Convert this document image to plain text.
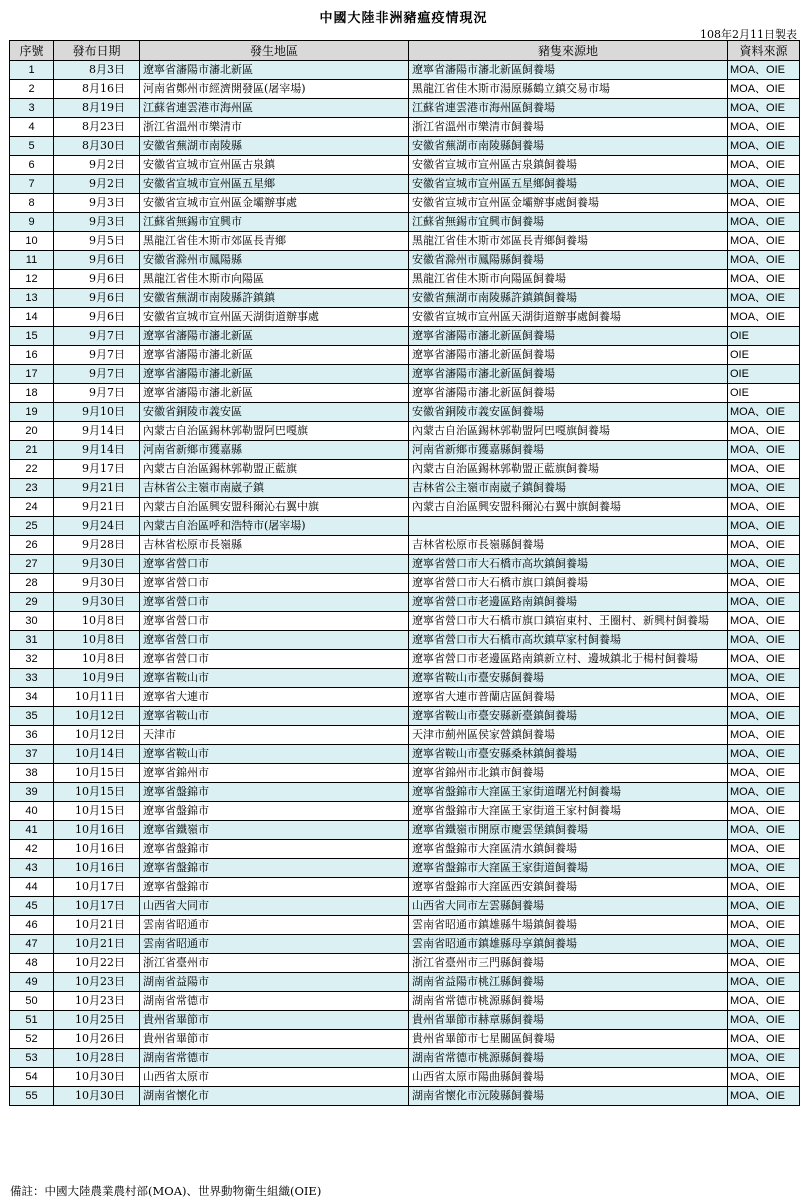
中國大陸非洲豬瘟疫情現況
108年2月11日製表
序號	發布日期	發生地區	豬隻來源地	資料來源
1	8月3日	遼寧省瀋陽市瀋北新區	遼寧省瀋陽市瀋北新區飼養場	MOA、OIE
2	8月16日	河南省鄭州市經濟開發區(屠宰場)	黑龍江省佳木斯市湯原縣鶴立鎮交易市場	MOA、OIE
3	8月19日	江蘇省連雲港市海州區	江蘇省連雲港市海州區飼養場	MOA、OIE
4	8月23日	浙江省溫州市樂清市	浙江省溫州市樂清市飼養場	MOA、OIE
5	8月30日	安徽省蕪湖市南陵縣	安徽省蕪湖市南陵縣飼養場	MOA、OIE
6	9月2日	安徽省宣城市宣州區古泉鎮	安徽省宣城市宣州區古泉鎮飼養場	MOA、OIE
7	9月2日	安徽省宣城市宣州區五星鄉	安徽省宣城市宣州區五星鄉飼養場	MOA、OIE
8	9月3日	安徽省宣城市宣州區金壩辦事處	安徽省宣城市宣州區金壩辦事處飼養場	MOA、OIE
9	9月3日	江蘇省無錫市宜興市	江蘇省無錫市宜興市飼養場	MOA、OIE
10	9月5日	黑龍江省佳木斯市郊區長青鄉	黑龍江省佳木斯市郊區長青鄉飼養場	MOA、OIE
11	9月6日	安徽省滁州市鳳陽縣	安徽省滁州市鳳陽縣飼養場	MOA、OIE
12	9月6日	黑龍江省佳木斯市向陽區	黑龍江省佳木斯市向陽區飼養場	MOA、OIE
13	9月6日	安徽省蕪湖市南陵縣許鎮鎮	安徽省蕪湖市南陵縣許鎮鎮飼養場	MOA、OIE
14	9月6日	安徽省宣城市宣州區天湖街道辦事處	安徽省宣城市宣州區天湖街道辦事處飼養場	MOA、OIE
15	9月7日	遼寧省瀋陽市瀋北新區	遼寧省瀋陽市瀋北新區飼養場	OIE
16	9月7日	遼寧省瀋陽市瀋北新區	遼寧省瀋陽市瀋北新區飼養場	OIE
17	9月7日	遼寧省瀋陽市瀋北新區	遼寧省瀋陽市瀋北新區飼養場	OIE
18	9月7日	遼寧省瀋陽市瀋北新區	遼寧省瀋陽市瀋北新區飼養場	OIE
19	9月10日	安徽省銅陵市義安區	安徽省銅陵市義安區飼養場	MOA、OIE
20	9月14日	內蒙古自治區錫林郭勒盟阿巴嘎旗	內蒙古自治區錫林郭勒盟阿巴嘎旗飼養場	MOA、OIE
21	9月14日	河南省新鄉市獲嘉縣	河南省新鄉市獲嘉縣飼養場	MOA、OIE
22	9月17日	內蒙古自治區錫林郭勒盟正藍旗	內蒙古自治區錫林郭勒盟正藍旗飼養場	MOA、OIE
23	9月21日	吉林省公主嶺市南崴子鎮	吉林省公主嶺市南崴子鎮飼養場	MOA、OIE
24	9月21日	內蒙古自治區興安盟科爾沁右翼中旗	內蒙古自治區興安盟科爾沁右翼中旗飼養場	MOA、OIE
25	9月24日	內蒙古自治區呼和浩特市(屠宰場)		MOA、OIE
26	9月28日	吉林省松原市長嶺縣	吉林省松原市長嶺縣飼養場	MOA、OIE
27	9月30日	遼寧省營口市	遼寧省營口市大石橋市高坎鎮飼養場	MOA、OIE
28	9月30日	遼寧省營口市	遼寧省營口市大石橋市旗口鎮飼養場	MOA、OIE
29	9月30日	遼寧省營口市	遼寧省營口市老邊區路南鎮飼養場	MOA、OIE
30	10月8日	遼寧省營口市	遼寧省營口市大石橋市旗口鎮宿東村、王圈村、新興村飼養場	MOA、OIE
31	10月8日	遼寧省營口市	遼寧省營口市大石橋市高坎鎮草家村飼養場	MOA、OIE
32	10月8日	遼寧省營口市	遼寧省營口市老邊區路南鎮新立村、邊城鎮北于楊村飼養場	MOA、OIE
33	10月9日	遼寧省鞍山市	遼寧省鞍山市臺安縣飼養場	MOA、OIE
34	10月11日	遼寧省大連市	遼寧省大連市普蘭店區飼養場	MOA、OIE
35	10月12日	遼寧省鞍山市	遼寧省鞍山市臺安縣新臺鎮飼養場	MOA、OIE
36	10月12日	天津市	天津市薊州區侯家營鎮飼養場	MOA、OIE
37	10月14日	遼寧省鞍山市	遼寧省鞍山市臺安縣桑林鎮飼養場	MOA、OIE
38	10月15日	遼寧省錦州市	遼寧省錦州市北鎮市飼養場	MOA、OIE
39	10月15日	遼寧省盤錦市	遼寧省盤錦市大窪區王家街道曙光村飼養場	MOA、OIE
40	10月15日	遼寧省盤錦市	遼寧省盤錦市大窪區王家街道王家村飼養場	MOA、OIE
41	10月16日	遼寧省鐵嶺市	遼寧省鐵嶺市開原市慶雲堡鎮飼養場	MOA、OIE
42	10月16日	遼寧省盤錦市	遼寧省盤錦市大窪區清水鎮飼養場	MOA、OIE
43	10月16日	遼寧省盤錦市	遼寧省盤錦市大窪區王家街道飼養場	MOA、OIE
44	10月17日	遼寧省盤錦市	遼寧省盤錦市大窪區西安鎮飼養場	MOA、OIE
45	10月17日	山西省大同市	山西省大同市左雲縣飼養場	MOA、OIE
46	10月21日	雲南省昭通市	雲南省昭通市鎮雄縣牛場鎮飼養場	MOA、OIE
47	10月21日	雲南省昭通市	雲南省昭通市鎮雄縣母享鎮飼養場	MOA、OIE
48	10月22日	浙江省臺州市	浙江省臺州市三門縣飼養場	MOA、OIE
49	10月23日	湖南省益陽市	湖南省益陽市桃江縣飼養場	MOA、OIE
50	10月23日	湖南省常德市	湖南省常德市桃源縣飼養場	MOA、OIE
51	10月25日	貴州省畢節市	貴州省畢節市赫章縣飼養場	MOA、OIE
52	10月26日	貴州省畢節市	貴州省畢節市七星關區飼養場	MOA、OIE
53	10月28日	湖南省常德市	湖南省常德市桃源縣飼養場	MOA、OIE
54	10月30日	山西省太原市	山西省太原市陽曲縣飼養場	MOA、OIE
55	10月30日	湖南省懷化市	湖南省懷化市沅陵縣飼養場	MOA、OIE
備註：中國大陸農業農村部(MOA)、世界動物衛生組織(OIE)
